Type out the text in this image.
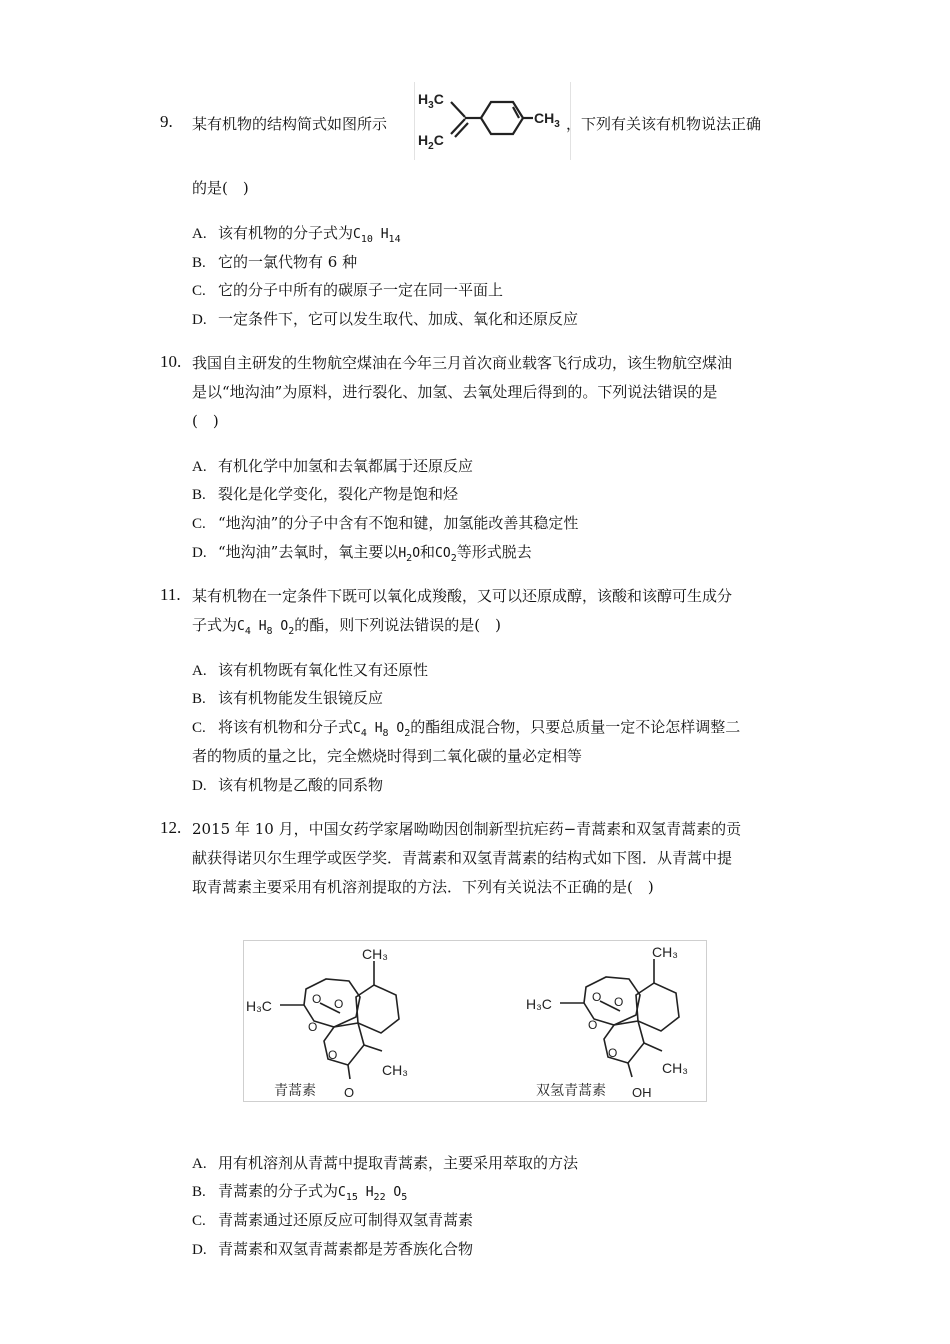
9. 某有机物的结构简式如图所示
$H_3C$
$H_2C$
$CH_3$ ，下列有关该有机物说法正确
的是(　)
A. 该有机物的分子式为$C_{10}$ $H_{14}$
B. 它的一氯代物有 6 种
C. 它的分子中所有的碳原子一定在同一平面上
D. 一定条件下，它可以发生取代、加成、氧化和还原反应
10. 我国自主研发的生物航空煤油在今年三月首次商业载客飞行成功，该生物航空煤油
是以“地沟油”为原料，进行裂化、加氢、去氧处理后得到的。下列说法错误的是
(　)
A. 有机化学中加氢和去氧都属于还原反应
B. 裂化是化学变化，裂化产物是饱和烃
C. “地沟油”的分子中含有不饱和键，加氢能改善其稳定性
D. “地沟油”去氧时，氧主要以$H_2O$和$CO_2$等形式脱去
11. 某有机物在一定条件下既可以氧化成羧酸，又可以还原成醇，该酸和该醇可生成分
子式为$C_4$ $H_8$ $O_2$的酯，则下列说法错误的是(　)
A. 该有机物既有氧化性又有还原性
B. 该有机物能发生银镜反应
C. 将该有机物和分子式$C_4$ $H_8$ $O_2$的酯组成混合物，只要总质量一定不论怎样调整二
者的物质的量之比，完全燃烧时得到二氧化碳的量必定相等
D. 该有机物是乙酸的同系物
12. 2015 年 10 月，中国女药学家屠呦呦因创制新型抗疟药−青蒿素和双氢青蒿素的贡
献获得诺贝尔生理学或医学奖．青蒿素和双氢青蒿素的结构式如下图．从青蒿中提
取青蒿素主要采用有机溶剂提取的方法．下列有关说法不正确的是(　)
CH₃
H₃C	O O
O
O
CH₃
O
青蒿素
CH₃
H₃C	O O
O
O
CH₃
OH
双氢青蒿素
A. 用有机溶剂从青蒿中提取青蒿素，主要采用萃取的方法
B. 青蒿素的分子式为$C_{15}$ $H_{22}$ $O_5$
C. 青蒿素通过还原反应可制得双氢青蒿素
D. 青蒿素和双氢青蒿素都是芳香族化合物
